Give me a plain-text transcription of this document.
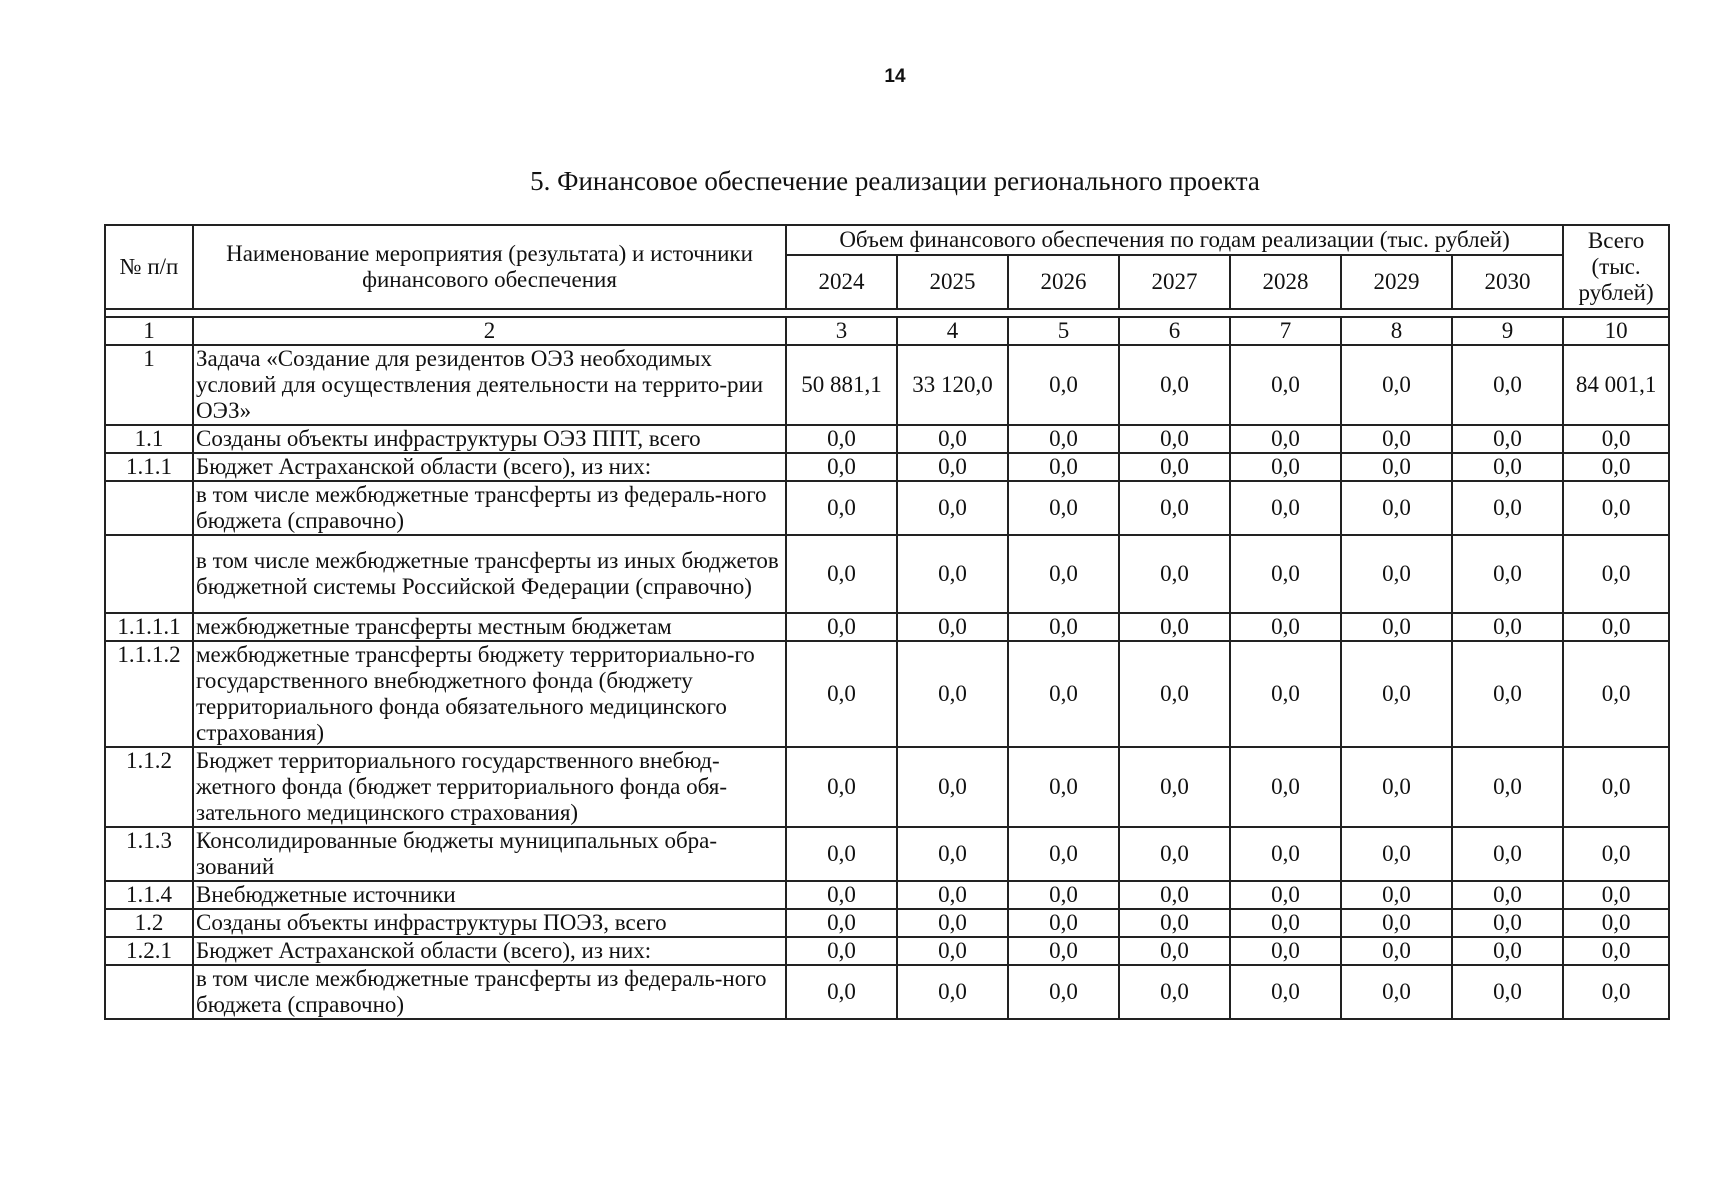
14
5. Финансовое обеспечение реализации регионального проекта
№ п/п	Наименование мероприятия (результата) и источники финансового обеспечения	Объем финансового обеспечения по годам реализации (тыс. рублей)							Всего (тыс. рублей)
		2024	2025	2026	2027	2028	2029	2030	

1	2	3	4	5	6	7	8	9	10
1	Задача «Создание для резидентов ОЭЗ необходимых условий для осуществления деятельности на террито-рии ОЭЗ»	50 881,1	33 120,0	0,0	0,0	0,0	0,0	0,0	84 001,1
1.1	Созданы объекты инфраструктуры ОЭЗ ППТ, всего	0,0	0,0	0,0	0,0	0,0	0,0	0,0	0,0
1.1.1	Бюджет Астраханской области (всего), из них:	0,0	0,0	0,0	0,0	0,0	0,0	0,0	0,0
	в том числе межбюджетные трансферты из федераль-ного бюджета (справочно)	0,0	0,0	0,0	0,0	0,0	0,0	0,0	0,0
	в том числе межбюджетные трансферты из иных бюджетов бюджетной системы Российской Федерации (справочно)	0,0	0,0	0,0	0,0	0,0	0,0	0,0	0,0
1.1.1.1	межбюджетные трансферты местным бюджетам	0,0	0,0	0,0	0,0	0,0	0,0	0,0	0,0
1.1.1.2	межбюджетные трансферты бюджету территориально-го государственного внебюджетного фонда (бюджету территориального фонда обязательного медицинского страхования)	0,0	0,0	0,0	0,0	0,0	0,0	0,0	0,0
1.1.2	Бюджет территориального государственного внебюд-жетного фонда (бюджет территориального фонда обя-зательного медицинского страхования)	0,0	0,0	0,0	0,0	0,0	0,0	0,0	0,0
1.1.3	Консолидированные бюджеты муниципальных обра-зований	0,0	0,0	0,0	0,0	0,0	0,0	0,0	0,0
1.1.4	Внебюджетные источники	0,0	0,0	0,0	0,0	0,0	0,0	0,0	0,0
1.2	Созданы объекты инфраструктуры ПОЭЗ, всего	0,0	0,0	0,0	0,0	0,0	0,0	0,0	0,0
1.2.1	Бюджет Астраханской области (всего), из них:	0,0	0,0	0,0	0,0	0,0	0,0	0,0	0,0
	в том числе межбюджетные трансферты из федераль-ного бюджета (справочно)	0,0	0,0	0,0	0,0	0,0	0,0	0,0	0,0
